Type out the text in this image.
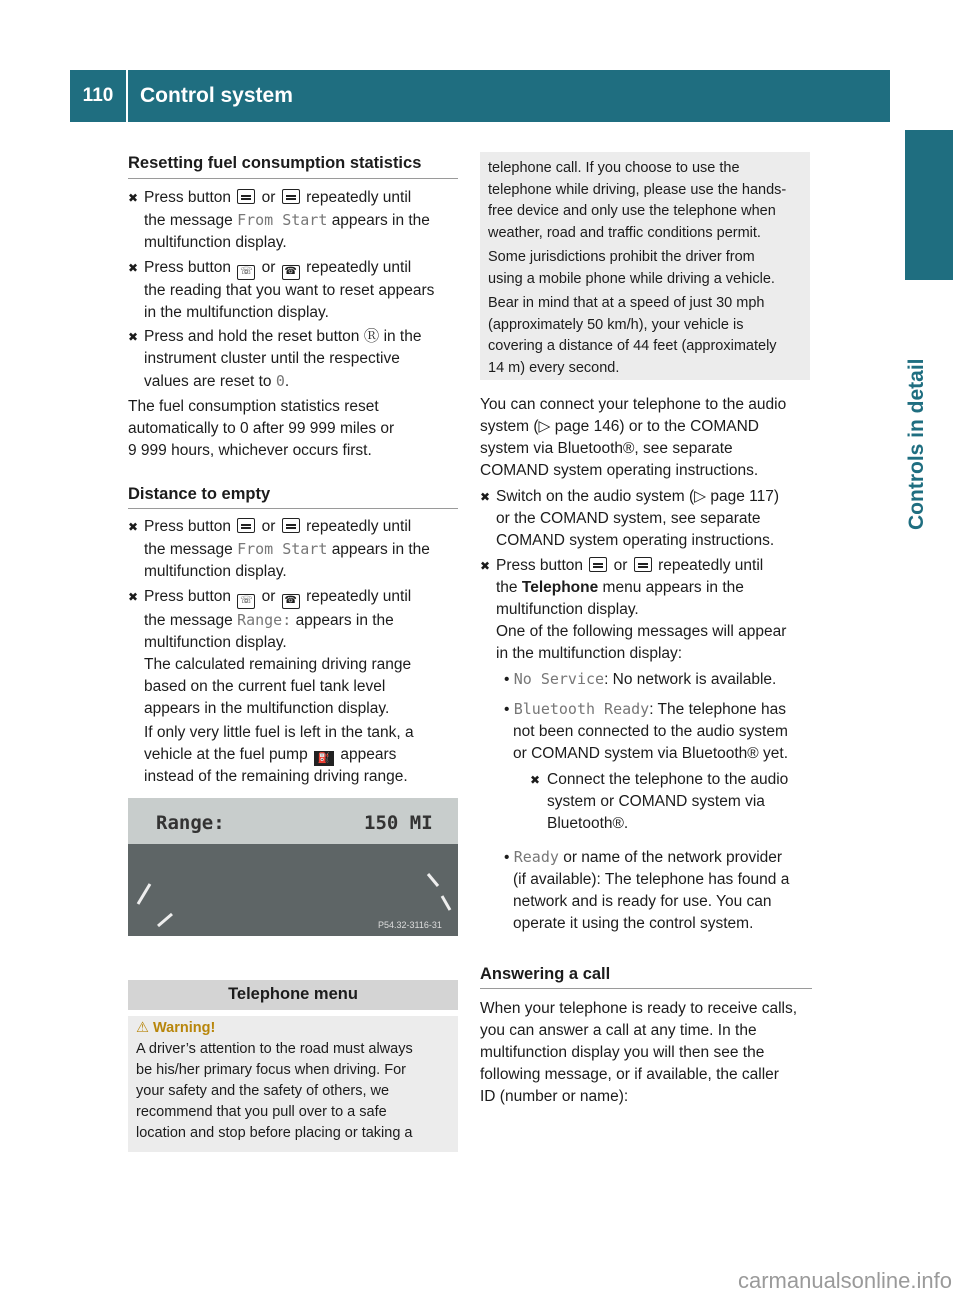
110	Control system
Controls in detail
Resetting fuel consumption statistics
✖ Press button or repeatedly until
the message From Start appears in the
multifunction display.
✖ Press button ☏ or ☎ repeatedly until
the reading that you want to reset appears
in the multifunction display.
✖ Press and hold the reset button Ⓡ in the
instrument cluster until the respective
values are reset to 0.
The fuel consumption statistics reset
automatically to 0 after 99 999 miles or
9 999 hours, whichever occurs first.
Distance to empty
✖ Press button or repeatedly until
the message From Start appears in the
multifunction display.
✖ Press button ☏ or ☎ repeatedly until
the message Range: appears in the
multifunction display.
The calculated remaining driving range
based on the current fuel tank level
appears in the multifunction display.
If only very little fuel is left in the tank, a
vehicle at the fuel pump ⛽ appears
instead of the remaining driving range.
Range:	150 MI
P54.32-3116-31
Telephone menu
⚠ Warning!
A driver’s attention to the road must always
be his/her primary focus when driving. For
your safety and the safety of others, we
recommend that you pull over to a safe
location and stop before placing or taking a
telephone call. If you choose to use the
telephone while driving, please use the hands-
free device and only use the telephone when
weather, road and traffic conditions permit.
Some jurisdictions prohibit the driver from
using a mobile phone while driving a vehicle.
Bear in mind that at a speed of just 30 mph
(approximately 50 km/h), your vehicle is
covering a distance of 44 feet (approximately
14 m) every second.
You can connect your telephone to the audio
system (▷ page 146) or to the COMAND
system via Bluetooth®, see separate
COMAND system operating instructions.
✖ Switch on the audio system (▷ page 117)
or the COMAND system, see separate
COMAND system operating instructions.
✖ Press button or repeatedly until
the Telephone menu appears in the
multifunction display.
One of the following messages will appear
in the multifunction display:
• No Service: No network is available.
• Bluetooth Ready: The telephone has
not been connected to the audio system
or COMAND system via Bluetooth® yet.
✖ Connect the telephone to the audio
system or COMAND system via
Bluetooth®.
• Ready or name of the network provider
(if available): The telephone has found a
network and is ready for use. You can
operate it using the control system.
Answering a call
When your telephone is ready to receive calls,
you can answer a call at any time. In the
multifunction display you will then see the
following message, or if available, the caller
ID (number or name):
carmanualsonline.info
